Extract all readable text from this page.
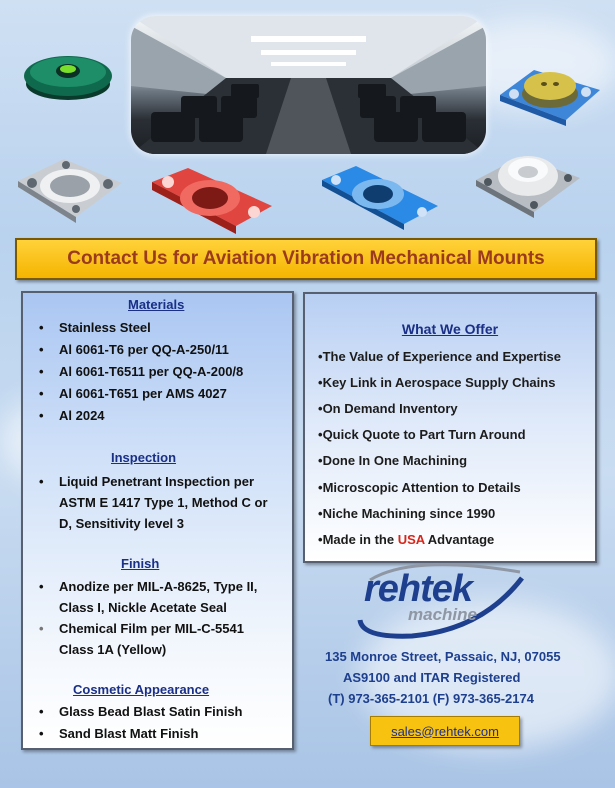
Contact Us for Aviation Vibration Mechanical Mounts
Materials
• Stainless Steel
• Al 6061-T6 per QQ-A-250/11
• Al 6061-T6511 per QQ-A-200/8
• Al 6061-T651 per AMS 4027
• Al 2024
Inspection
• Liquid Penetrant Inspection per
ASTM E 1417 Type 1, Method C or
D, Sensitivity level 3
Finish
• Anodize per MIL-A-8625, Type II,
Class I, Nickle Acetate Seal
• Chemical Film per MIL-C-5541
Class 1A (Yellow)
Cosmetic Appearance
• Glass Bead Blast Satin Finish
• Sand Blast Matt Finish
What We Offer
•The Value of Experience and Expertise
•Key Link in Aerospace Supply Chains
•On Demand Inventory
•Quick Quote to Part Turn Around
•Done In One Machining
•Microscopic Attention to Details
•Niche Machining since 1990
•Made in the USA Advantage
rehtek
machine
135 Monroe Street, Passaic, NJ, 07055
AS9100 and ITAR Registered
(T) 973-365-2101 (F) 973-365-2174
sales@rehtek.com
